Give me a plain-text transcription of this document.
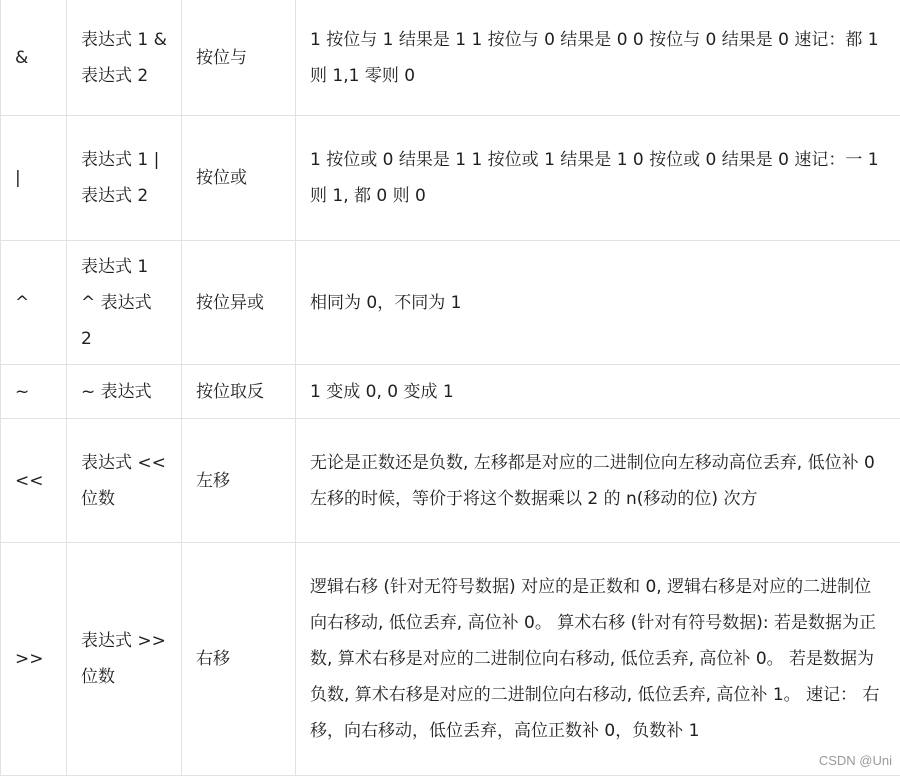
&	表达式 1 & 表达式 2	按位与	1 按位与 1 结果是 1 1 按位与 0 结果是 0 0 按位与 0 结果是 0 速记：都 1 则 1,1 零则 0
|	表达式 1 | 表达式 2	按位或	1 按位或 0 结果是 1 1 按位或 1 结果是 1 0 按位或 0 结果是 0 速记：一 1 则 1, 都 0 则 0
^	表达式 1 ^ 表达式 2	按位异或	相同为 0，不同为 1
~	~ 表达式	按位取反	1 变成 0, 0 变成 1
<<	表达式 << 位数	左移	无论是正数还是负数, 左移都是对应的二进制位向左移动高位丢弃, 低位补 0 左移的时候，等价于将这个数据乘以 2 的 n(移动的位) 次方
>>	表达式 >> 位数	右移	逻辑右移 (针对无符号数据) 对应的是正数和 0, 逻辑右移是对应的二进制位向右移动, 低位丢弃, 高位补 0。 算术右移 (针对有符号数据): 若是数据为正数, 算术右移是对应的二进制位向右移动, 低位丢弃, 高位补 0。 若是数据为负数, 算术右移是对应的二进制位向右移动, 低位丢弃, 高位补 1。 速记： 右移，向右移动，低位丢弃，高位正数补 0，负数补 1
CSDN @Uni
